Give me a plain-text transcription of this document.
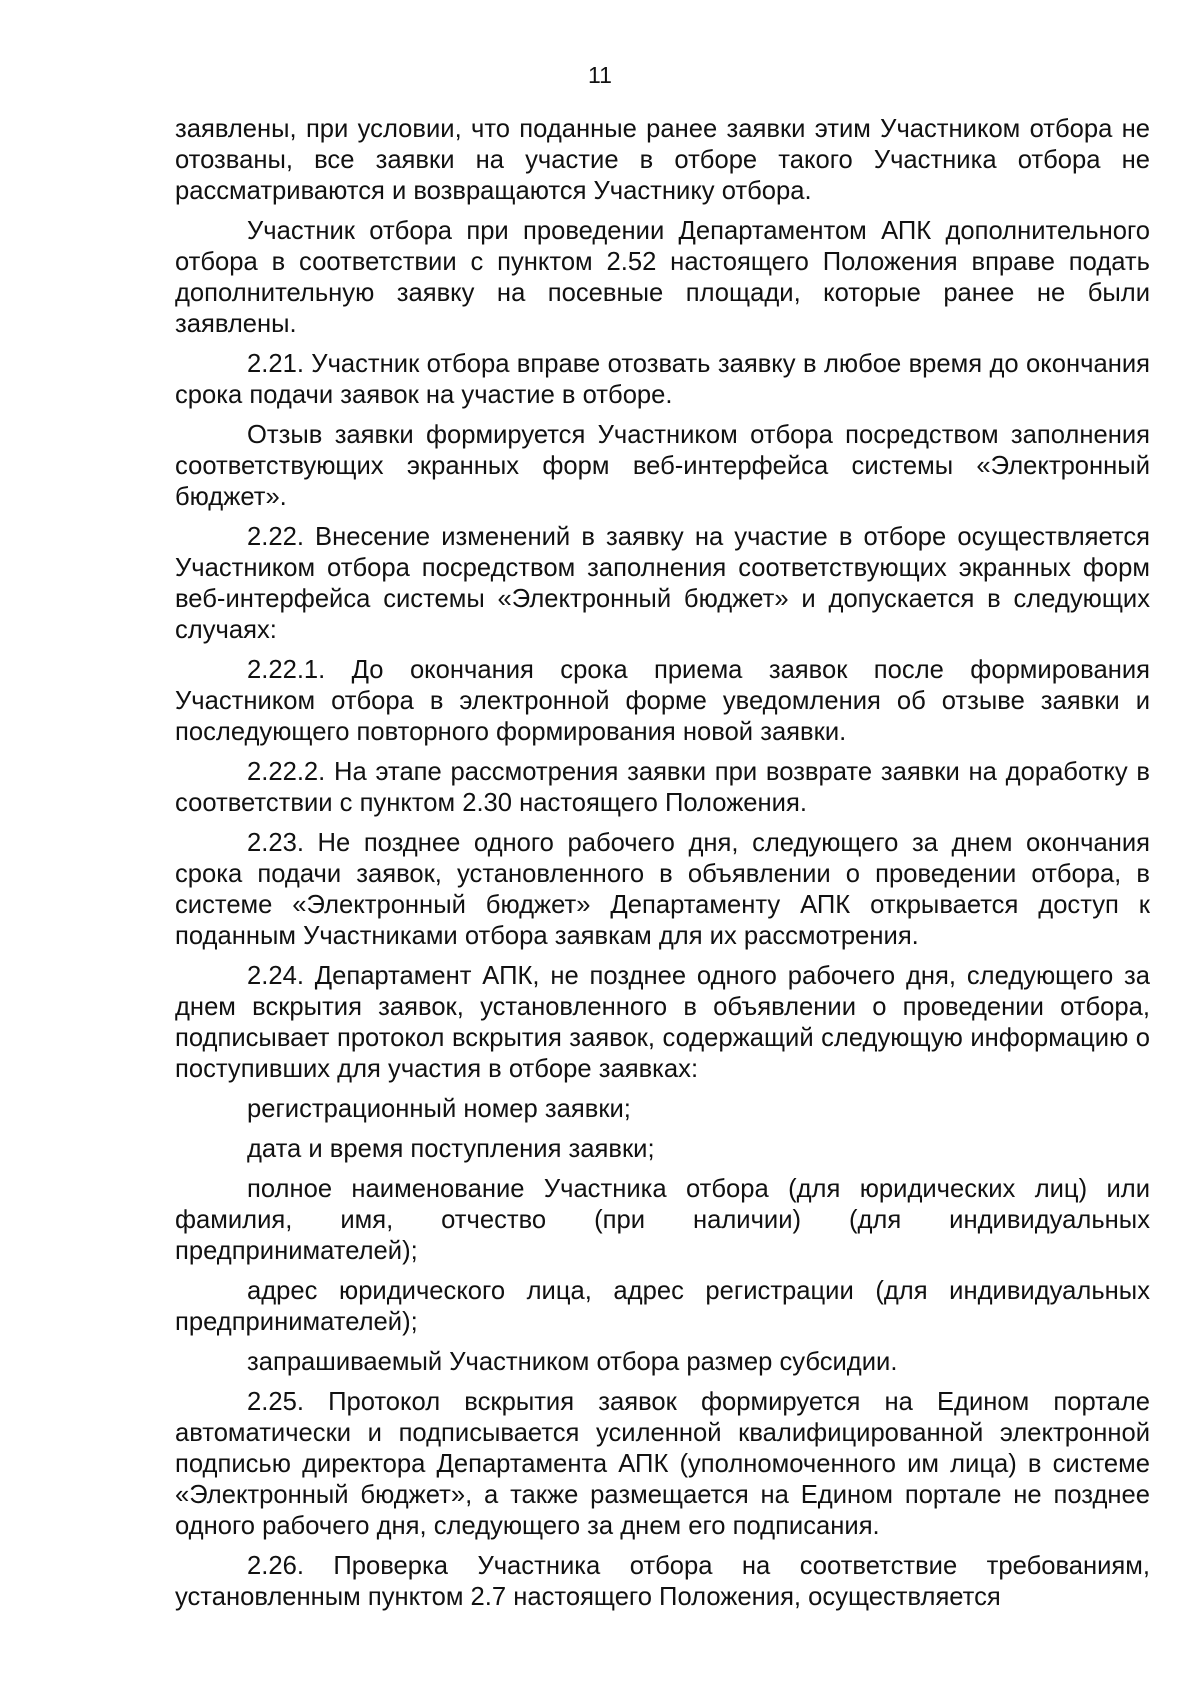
11

заявлены, при условии, что поданные ранее заявки этим Участником отбора не отозваны, все заявки на участие в отборе такого Участника отбора не рассматриваются и возвращаются Участнику отбора.

Участник отбора при проведении Департаментом АПК дополнительного отбора в соответствии с пунктом 2.52 настоящего Положения вправе подать дополнительную заявку на посевные площади, которые ранее не были заявлены.

2.21. Участник отбора вправе отозвать заявку в любое время до окончания срока подачи заявок на участие в отборе.

Отзыв заявки формируется Участником отбора посредством заполнения соответствующих экранных форм веб-интерфейса системы «Электронный бюджет».

2.22. Внесение изменений в заявку на участие в отборе осуществляется Участником отбора посредством заполнения соответствующих экранных форм веб-интерфейса системы «Электронный бюджет» и допускается в следующих случаях:

2.22.1. До окончания срока приема заявок после формирования Участником отбора в электронной форме уведомления об отзыве заявки и последующего повторного формирования новой заявки.

2.22.2. На этапе рассмотрения заявки при возврате заявки на доработку в соответствии с пунктом 2.30 настоящего Положения.

2.23. Не позднее одного рабочего дня, следующего за днем окончания срока подачи заявок, установленного в объявлении о проведении отбора, в системе «Электронный бюджет» Департаменту АПК открывается доступ к поданным Участниками отбора заявкам для их рассмотрения.

2.24. Департамент АПК, не позднее одного рабочего дня, следующего за днем вскрытия заявок, установленного в объявлении о проведении отбора, подписывает протокол вскрытия заявок, содержащий следующую информацию о поступивших для участия в отборе заявках:

регистрационный номер заявки;

дата и время поступления заявки;

полное наименование Участника отбора (для юридических лиц) или фамилия, имя, отчество (при наличии) (для индивидуальных предпринимателей);

адрес юридического лица, адрес регистрации (для индивидуальных предпринимателей);

запрашиваемый Участником отбора размер субсидии.

2.25. Протокол вскрытия заявок формируется на Едином портале автоматически и подписывается усиленной квалифицированной электронной подписью директора Департамента АПК (уполномоченного им лица) в системе «Электронный бюджет», а также размещается на Едином портале не позднее одного рабочего дня, следующего за днем его подписания.

2.26. Проверка Участника отбора на соответствие требованиям, установленным пунктом 2.7 настоящего Положения, осуществляется
